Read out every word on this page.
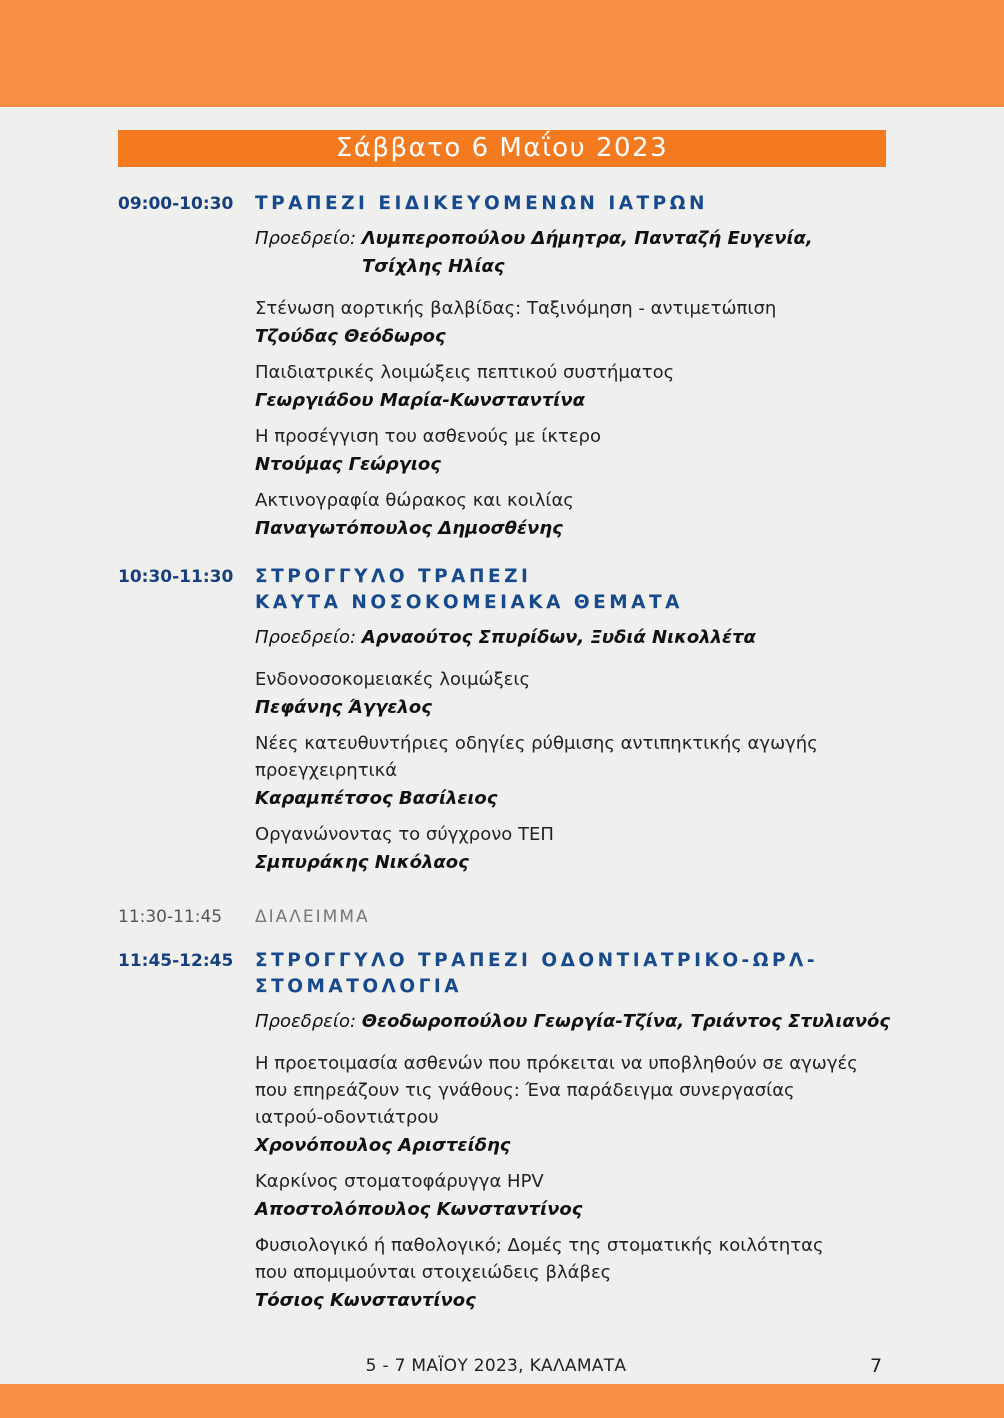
Σάββατο 6 Μαΐου 2023
09:00-10:30	ΤΡΑΠΕΖΙ ΕΙΔΙΚΕΥΟΜΕΝΩΝ ΙΑΤΡΩΝ
Προεδρείο: Λυμπεροπούλου Δήμητρα, Πανταζή Ευγενία,
Τσίχλης Ηλίας
Στένωση αορτικής βαλβίδας: Ταξινόμηση - αντιμετώπιση
Τζούδας Θεόδωρος
Παιδιατρικές λοιμώξεις πεπτικού συστήματος
Γεωργιάδου Μαρία-Κωνσταντίνα
Η προσέγγιση του ασθενούς με ίκτερο
Ντούμας Γεώργιος
Ακτινογραφία θώρακος και κοιλίας
Παναγωτόπουλος Δημοσθένης
10:30-11:30	ΣΤΡΟΓΓΥΛΟ ΤΡΑΠΕΖΙ
ΚΑΥΤΑ ΝΟΣΟΚΟΜΕΙΑΚΑ ΘΕΜΑΤΑ
Προεδρείο: Αρναούτος Σπυρίδων, Ξυδιά Νικολλέτα
Ενδονοσοκομειακές λοιμώξεις
Πεφάνης Άγγελος
Νέες κατευθυντήριες οδηγίες ρύθμισης αντιπηκτικής αγωγής
προεγχειρητικά
Καραμπέτσος Βασίλειος
Οργανώνοντας το σύγχρονο ΤΕΠ
Σμπυράκης Νικόλαος
11:30-11:45	ΔΙΑΛΕΙΜΜΑ
11:45-12:45	ΣΤΡΟΓΓΥΛΟ ΤΡΑΠΕΖΙ ΟΔΟΝΤΙΑΤΡΙΚΟ-ΩΡΛ-
ΣΤΟΜΑΤΟΛΟΓΙΑ
Προεδρείο: Θεοδωροπούλου Γεωργία-Τζίνα, Τριάντος Στυλιανός
Η προετοιμασία ασθενών που πρόκειται να υποβληθούν σε αγωγές
που επηρεάζουν τις γνάθους: Ένα παράδειγμα συνεργασίας
ιατρού-οδοντιάτρου
Χρονόπουλος Αριστείδης
Καρκίνος στοματοφάρυγγα HPV
Αποστολόπουλος Κωνσταντίνος
Φυσιολογικό ή παθολογικό; Δομές της στοματικής κοιλότητας
που απομιμούνται στοιχειώδεις βλάβες
Τόσιος Κωνσταντίνος
5 - 7 ΜΑΪΟΥ 2023, ΚΑΛΑΜΑΤΑ	7
